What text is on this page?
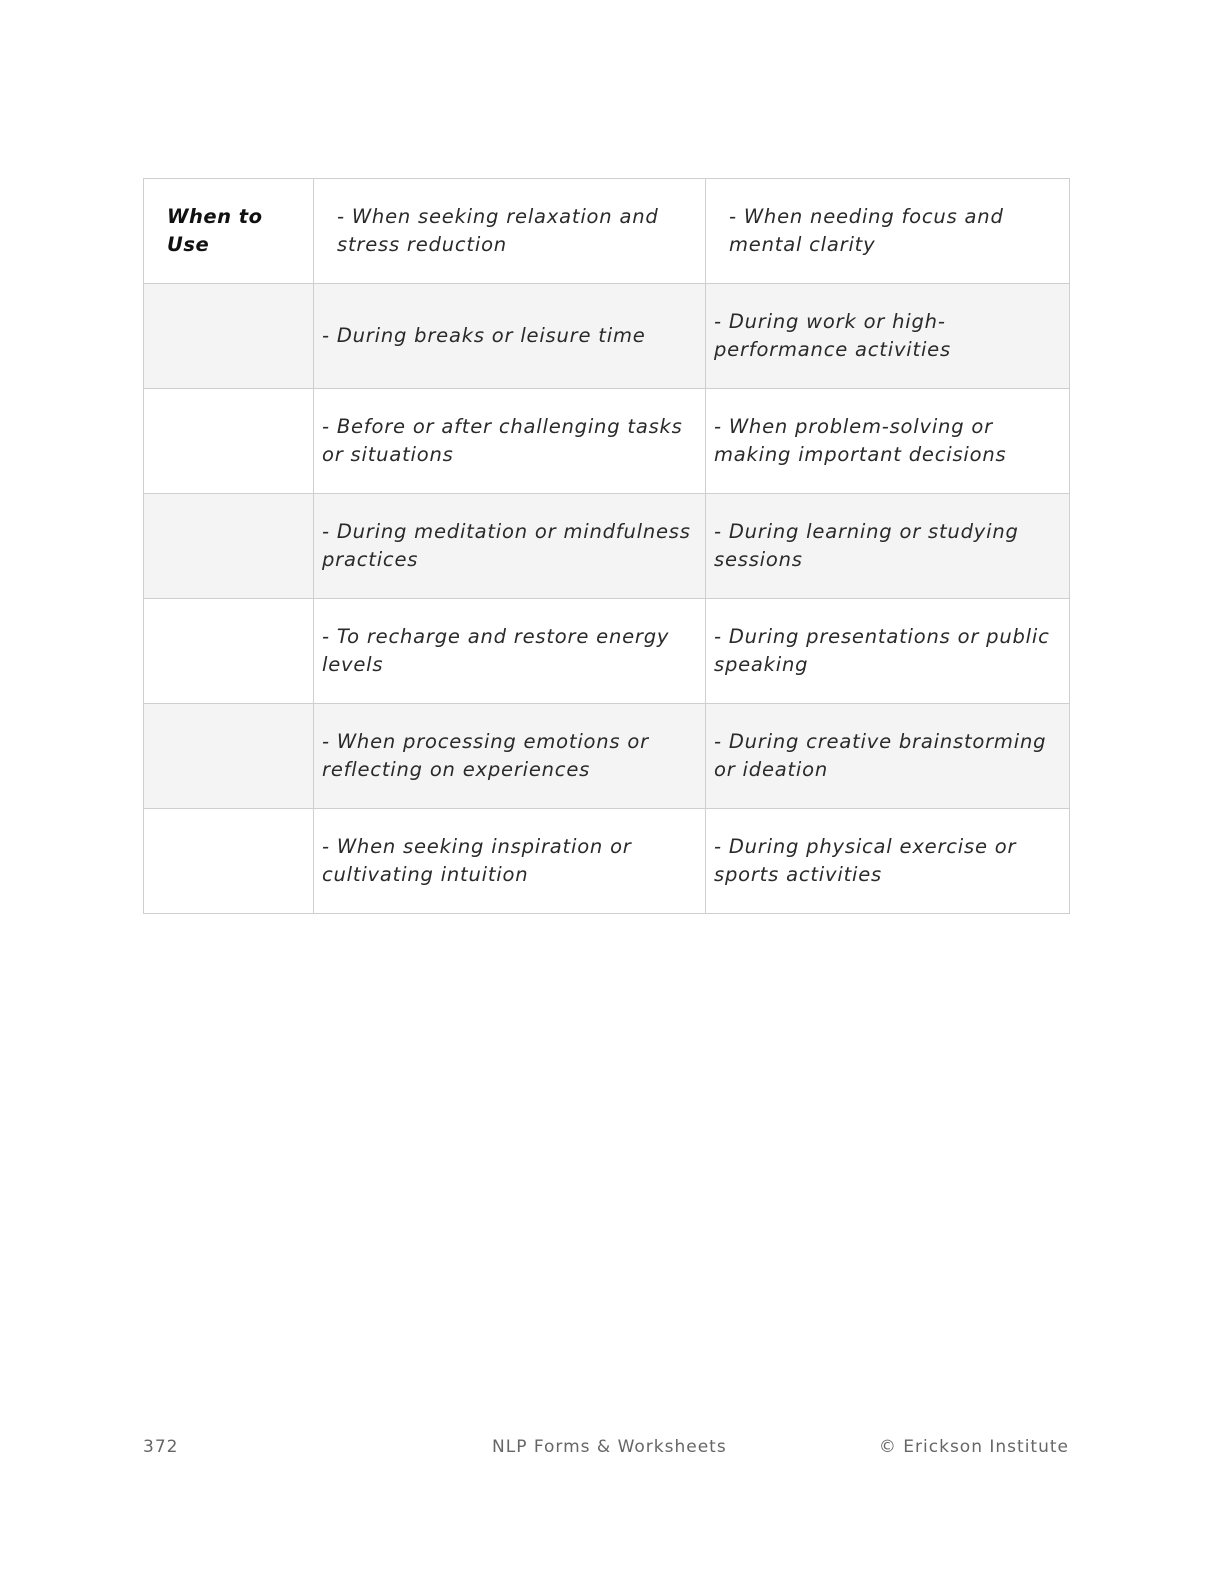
When to Use	- When seeking relaxation and stress reduction	- When needing focus and mental clarity
	- During breaks or leisure time	- During work or high-performance activities
	- Before or after challenging tasks or situations	- When problem-solving or making important decisions
	- During meditation or mindfulness practices	- During learning or studying sessions
	- To recharge and restore energy levels	- During presentations or public speaking
	- When processing emotions or reflecting on experiences	- During creative brainstorming or ideation
	- When seeking inspiration or cultivating intuition	- During physical exercise or sports activities
372	NLP Forms & Worksheets	© Erickson Institute
